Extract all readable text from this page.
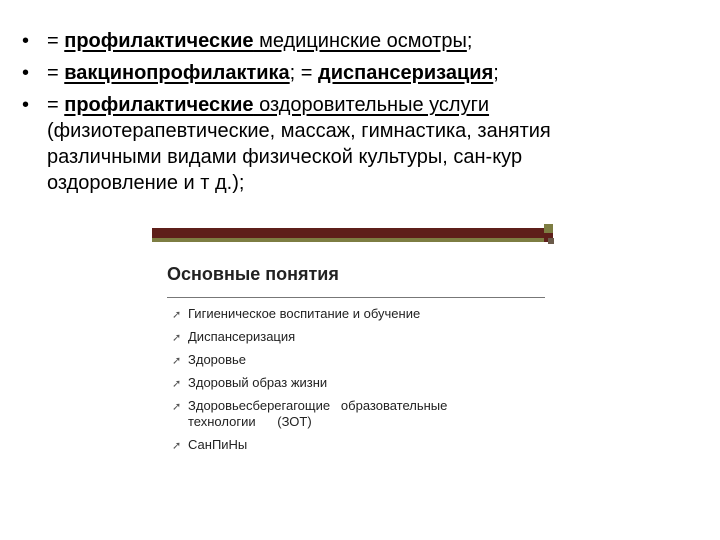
• = профилактические медицинские осмотры;
• = вакцинопрофилактика; = диспансеризация;
• = профилактические оздоровительные услуги
(физиотерапевтические, массаж, гимнастика, занятия
различными видами физической культуры, сан-кур
оздоровление и т д.);
Основные понятия
➚ Гигиеническое воспитание и обучение
➚ Диспансеризация
➚ Здоровье
➚ Здоровый образ жизни
➚ Здоровьесберегагощие   образовательные
технологии      (ЗОТ)
➚ СанПиНы
